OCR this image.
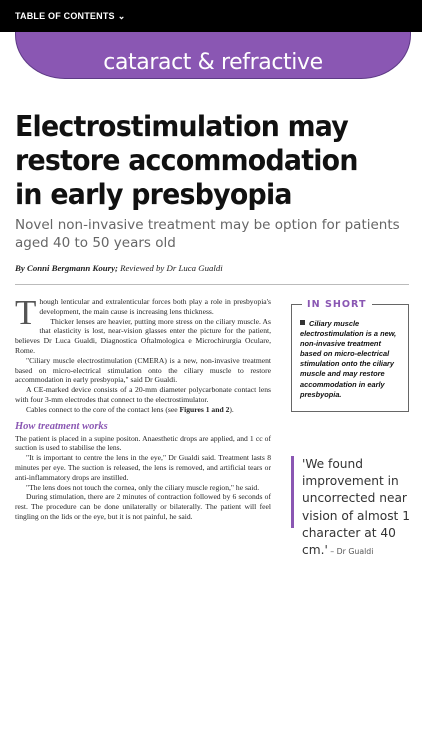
cataract & refractive
TABLE OF CONTENTS ⌄
Electrostimulation may restore accommodation in early presbyopia
Novel non-invasive treatment may be option for patients aged 40 to 50 years old
By Conni Bergmann Koury; Reviewed by Dr Luca Gualdi

Though lenticular and extralenticular forces both play a role in presbyopia's development, the main cause is increasing lens thickness.

Thicker lenses are heavier, putting more stress on the ciliary muscle. As that elasticity is lost, near-vision glasses enter the picture for the patient, believes Dr Luca Gualdi, Diagnostica Oftalmologica e Microchirurgia Oculare, Rome.

"Ciliary muscle electrostimulation (CMERA) is a new, non-invasive treatment based on micro-electrical stimulation onto the ciliary muscle to restore accommodation in early presbyopia," said Dr Gualdi.

A CE-marked device consists of a 20-mm diameter polycarbonate contact lens with four 3-mm electrodes that connect to the electrostimulator.

Cables connect to the core of the contact lens (see Figures 1 and 2).

How treatment works

The patient is placed in a supine positon. Anaesthetic drops are applied, and 1 cc of suction is used to stabilise the lens.

"It is important to centre the lens in the eye," Dr Gualdi said. Treatment lasts 8 minutes per eye. The suction is released, the lens is removed, and artificial tears or anti-inflammatory drops are instilled.

"The lens does not touch the cornea, only the ciliary muscle region," he said.

During stimulation, there are 2 minutes of contraction followed by 6 seconds of rest. The procedure can be done unilaterally or bilaterally. The patient will feel tingling on the lids or the eye, but it is not painful, he said.

IN SHORT
Ciliary muscle electrostimulation is a new, non-invasive treatment based on micro-electrical stimulation onto the ciliary muscle and may restore accommodation in early presbyopia.
'We found improvement in uncorrected near vision of almost 1 character at 40 cm.' – Dr Gualdi
